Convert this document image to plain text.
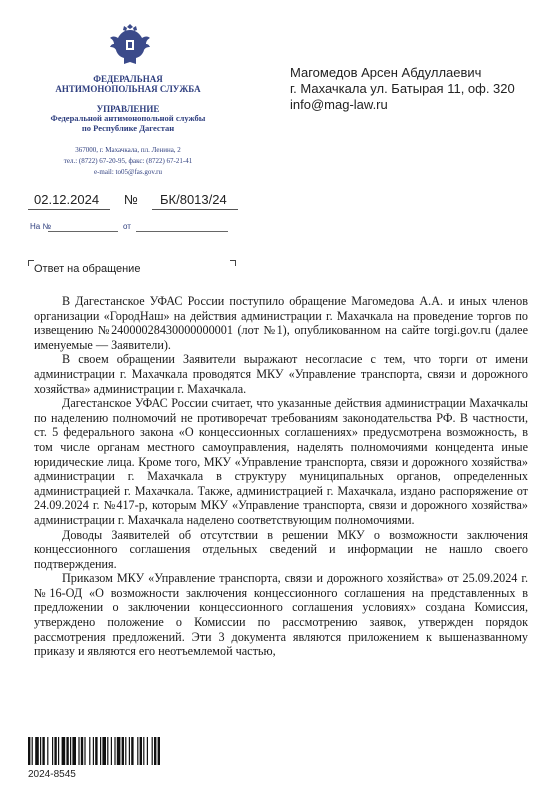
ФЕДЕРАЛЬНАЯ
АНТИМОНОПОЛЬНАЯ СЛУЖБА
УПРАВЛЕНИЕ
Федеральной антимонопольной службы
по Республике Дагестан
367000, г. Махачкала, пл. Ленина, 2
тел.: (8722) 67-20-95, факс: (8722) 67-21-41
e-mail: to05@fas.gov.ru
Магомедов Арсен Абдуллаевич
г. Махачкала ул. Батырая 11, оф. 320
info@mag-law.ru
02.12.2024 № БК/8013/24
На №	от
Ответ на обращение

В Дагестанское УФАС России поступило обращение Магомедова А.А. и иных членов организации «ГородНаш» на действия администрации г. Махачкала на проведение торгов по извещению №24000028430000000001 (лот №1), опубликованном на сайте torgi.gov.ru (далее именуемые — Заявители).

В своем обращении Заявители выражают несогласие с тем, что торги от имени администрации г. Махачкала проводятся МКУ «Управление транспорта, связи и дорожного хозяйства» администрации г. Махачкала.

Дагестанское УФАС России считает, что указанные действия администрации Махачкалы по наделению полномочий не противоречат требованиям законодательства РФ. В частности, ст. 5 федерального закона «О концессионных соглашениях» предусмотрена возможность, в том числе органам местного самоуправления, наделять полномочиями концедента иные юридические лица. Кроме того, МКУ «Управление транспорта, связи и дорожного хозяйства» администрации г. Махачкала в структуру муниципальных органов, определенных администрацией г. Махачкала. Также, администрацией г. Махачкала, издано распоряжение от 24.09.2024 г. №417-р, которым МКУ «Управление транспорта, связи и дорожного хозяйства» администрации г. Махачкала наделено соответствующим полномочиями.

Доводы Заявителей об отсутствии в решении МКУ о возможности заключения концессионного соглашения отдельных сведений и информации не нашло своего подтверждения.

Приказом МКУ «Управление транспорта, связи и дорожного хозяйства» от 25.09.2024 г. №16-ОД «О возможности заключения концессионного соглашения на представленных в предложении о заключении концессионного соглашения условиях» создана Комиссия, утверждено положение о Комиссии по рассмотрению заявок, утвержден порядок рассмотрения предложений. Эти 3 документа являются приложением к вышеназванному приказу и являются его неотъемлемой частью,

2024-8545
